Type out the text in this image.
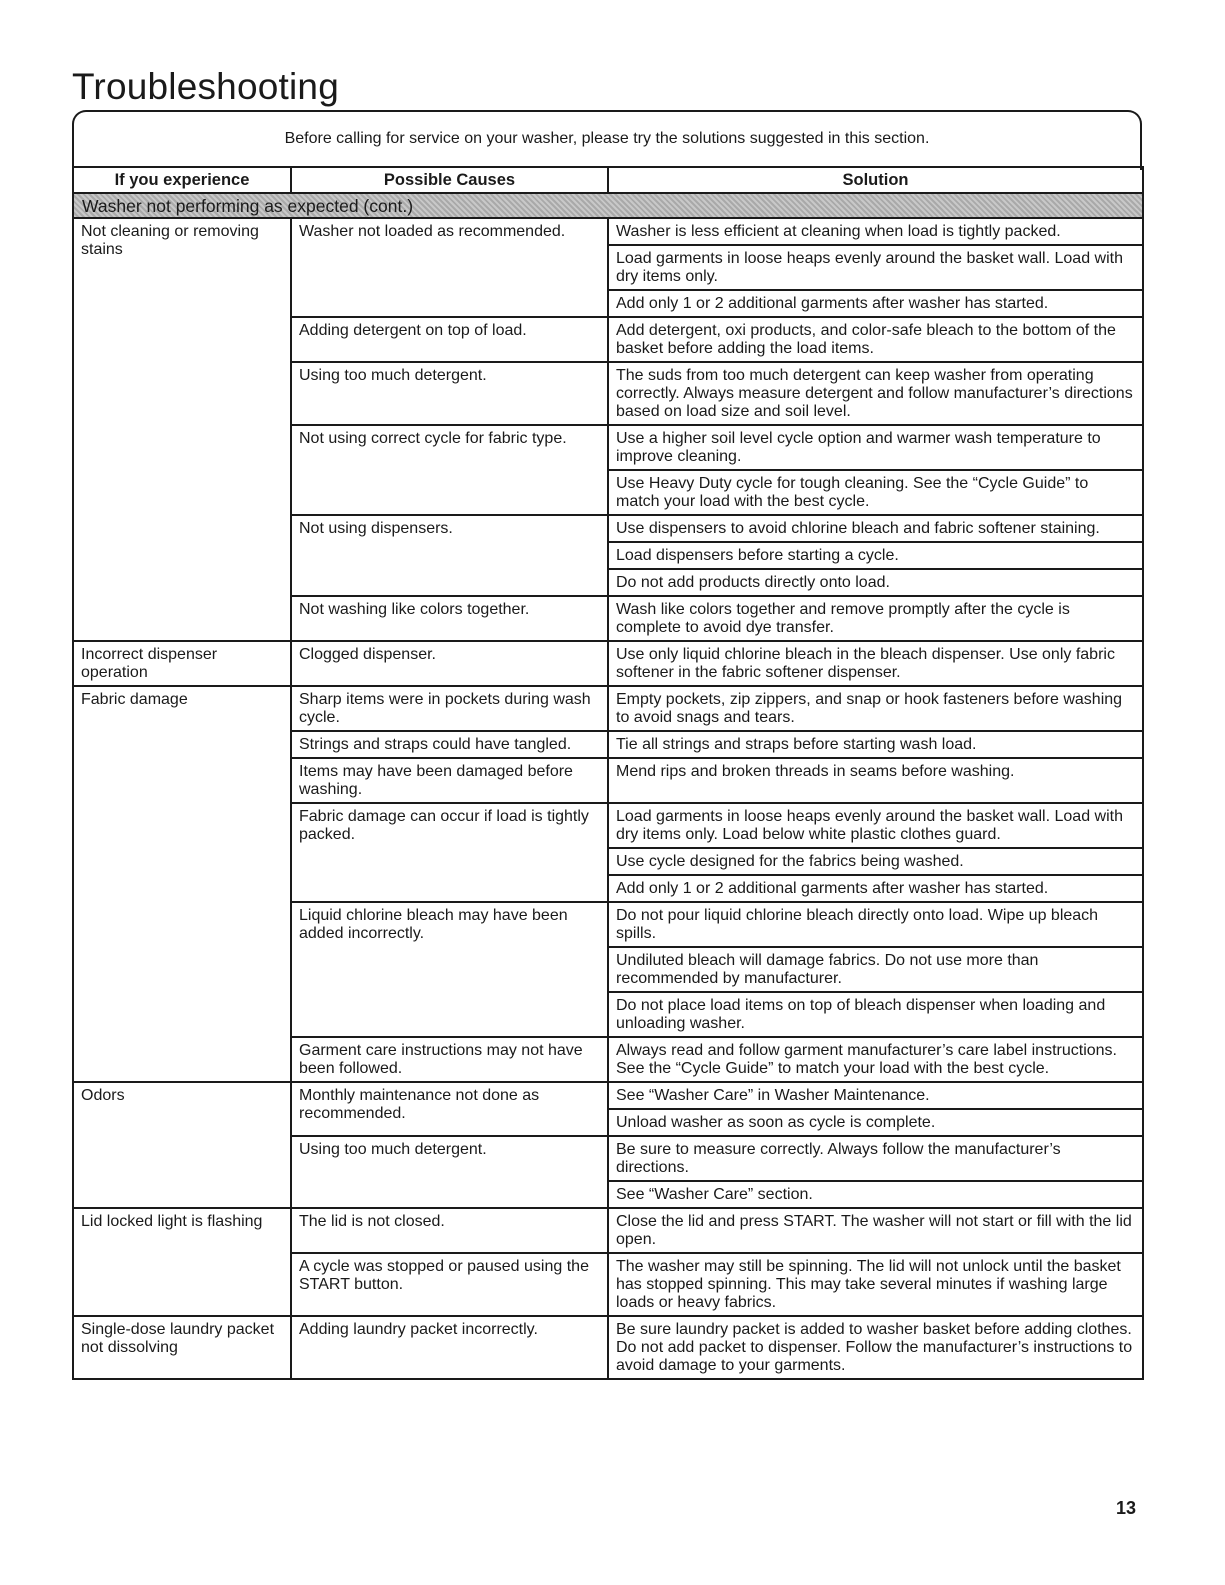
Troubleshooting
Before calling for service on your washer, please try the solutions suggested in this section.
If you experience	Possible Causes	Solution
Washer not performing as expected (cont.)		
Not cleaning or removing stains	Washer not loaded as recommended.	Washer is less efficient at cleaning when load is tightly packed.
		Load garments in loose heaps evenly around the basket wall. Load with dry items only.
		Add only 1 or 2 additional garments after washer has started.
	Adding detergent on top of load.	Add detergent, oxi products, and color-safe bleach to the bottom of the basket before adding the load items.
	Using too much detergent.	The suds from too much detergent can keep washer from operating correctly. Always measure detergent and follow manufacturer’s directions based on load size and soil level.
	Not using correct cycle for fabric type.	Use a higher soil level cycle option and warmer wash temperature to improve cleaning.
		Use Heavy Duty cycle for tough cleaning. See the “Cycle Guide” to match your load with the best cycle.
	Not using dispensers.	Use dispensers to avoid chlorine bleach and fabric softener staining.
		Load dispensers before starting a cycle.
		Do not add products directly onto load.
	Not washing like colors together.	Wash like colors together and remove promptly after the cycle is complete to avoid dye transfer.
Incorrect dispenser operation	Clogged dispenser.	Use only liquid chlorine bleach in the bleach dispenser. Use only fabric softener in the fabric softener dispenser.
Fabric damage	Sharp items were in pockets during wash cycle.	Empty pockets, zip zippers, and snap or hook fasteners before washing to avoid snags and tears.
	Strings and straps could have tangled.	Tie all strings and straps before starting wash load.
	Items may have been damaged before washing.	Mend rips and broken threads in seams before washing.
	Fabric damage can occur if load is tightly packed.	Load garments in loose heaps evenly around the basket wall. Load with dry items only. Load below white plastic clothes guard.
		Use cycle designed for the fabrics being washed.
		Add only 1 or 2 additional garments after washer has started.
	Liquid chlorine bleach may have been added incorrectly.	Do not pour liquid chlorine bleach directly onto load. Wipe up bleach spills.
		Undiluted bleach will damage fabrics. Do not use more than recommended by manufacturer.
		Do not place load items on top of bleach dispenser when loading and unloading washer.
	Garment care instructions may not have been followed.	Always read and follow garment manufacturer’s care label instructions. See the “Cycle Guide” to match your load with the best cycle.
Odors	Monthly maintenance not done as recommended.	See “Washer Care” in Washer Maintenance.
		Unload washer as soon as cycle is complete.
	Using too much detergent.	Be sure to measure correctly. Always follow the manufacturer’s directions.
		See “Washer Care” section.
Lid locked light is flashing	The lid is not closed.	Close the lid and press START. The washer will not start or fill with the lid open.
	A cycle was stopped or paused using the START button.	The washer may still be spinning. The lid will not unlock until the basket has stopped spinning. This may take several minutes if washing large loads or heavy fabrics.
Single-dose laundry packet not dissolving	Adding laundry packet incorrectly.	Be sure laundry packet is added to washer basket before adding clothes. Do not add packet to dispenser. Follow the manufacturer’s instructions to avoid damage to your garments.
13
